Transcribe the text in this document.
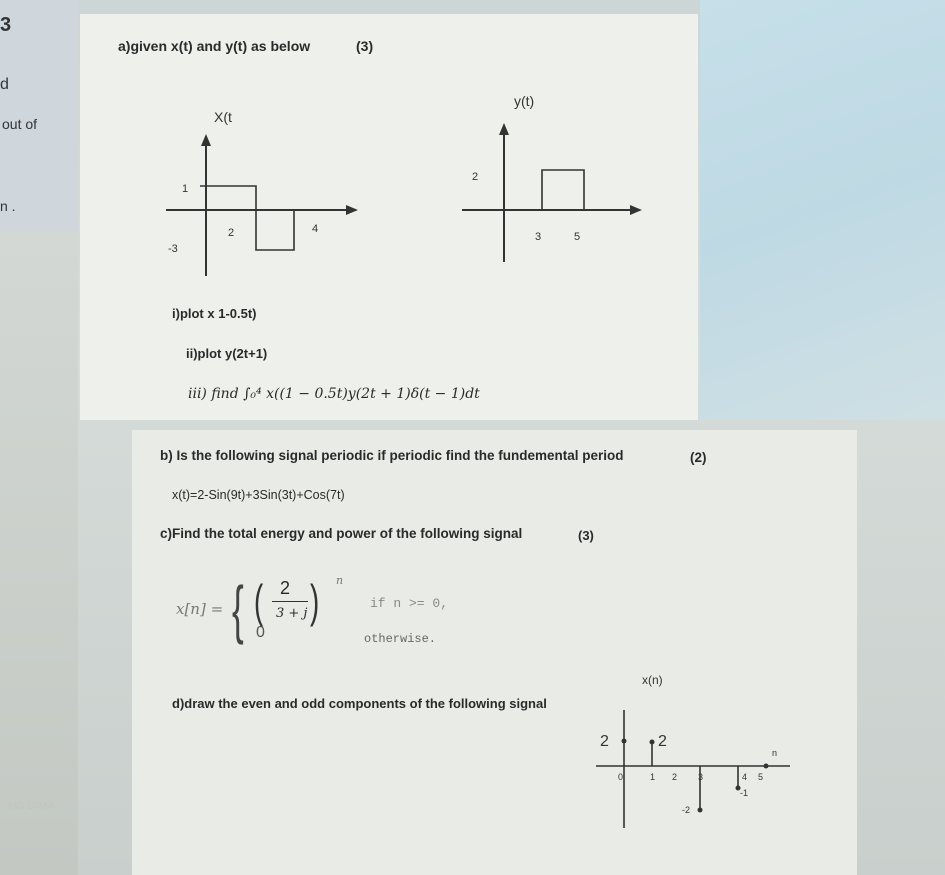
3
d
out of
n .
MS DIMA
a)given x(t) and y(t) as below	(3)
X(t
1
-3
2	4
y(t)
2
3	5
i)plot x 1-0.5t)
ii)plot y(2t+1)
iii) find ∫₀⁴ x((1 − 0.5t)y(2t + 1)δ(t − 1)dt
b) Is the following signal periodic if periodic find the fundemental period	(2)
x(t)=2-Sin(9t)+3Sin(3t)+Cos(7t)
c)Find the total energy and power of the following signal	(3)
x[n] = { ( 2
3 + j ) n
0
if n >= 0,
otherwise.
d)draw the even and odd components of the following signal
x(n)
2	2
-2
-1
n
0	1 2 3	4 5
